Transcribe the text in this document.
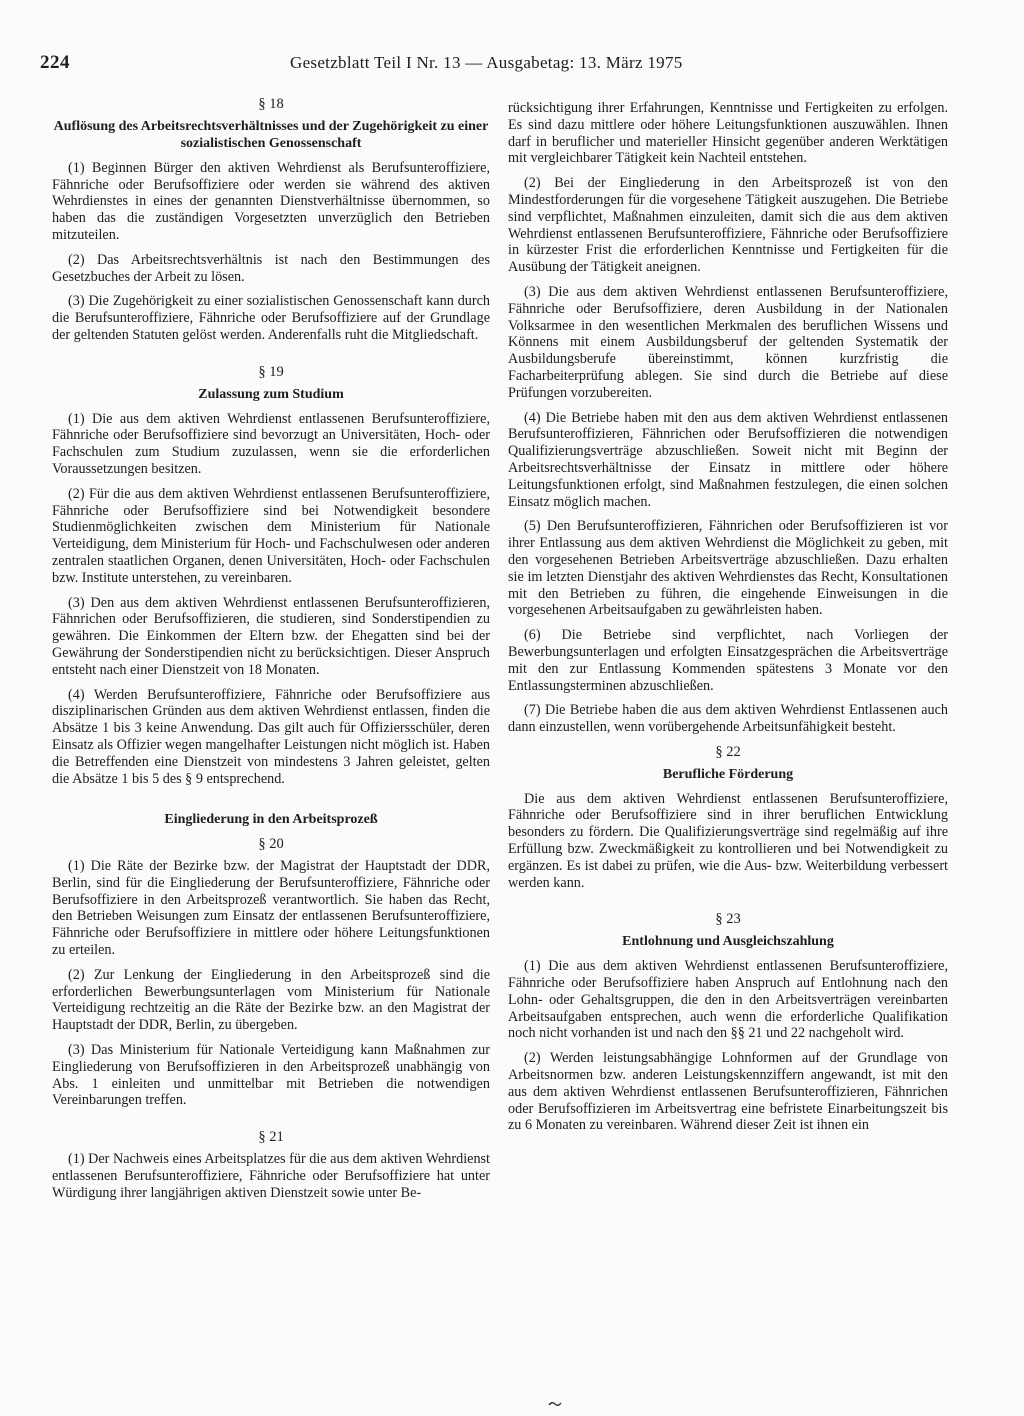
224	Gesetzblatt Teil I Nr. 13 — Ausgabetag: 13. März 1975
§ 18
Auflösung des Arbeitsrechtsverhältnisses und der Zugehörigkeit zu einer sozialistischen Genossenschaft

(1) Beginnen Bürger den aktiven Wehrdienst als Berufsunteroffiziere, Fähnriche oder Berufsoffiziere oder werden sie während des aktiven Wehrdienstes in eines der genannten Dienstverhältnisse übernommen, so haben das die zuständigen Vorgesetzten unverzüglich den Betrieben mitzuteilen.

(2) Das Arbeitsrechtsverhältnis ist nach den Bestimmungen des Gesetzbuches der Arbeit zu lösen.

(3) Die Zugehörigkeit zu einer sozialistischen Genossenschaft kann durch die Berufsunteroffiziere, Fähnriche oder Berufsoffiziere auf der Grundlage der geltenden Statuten gelöst werden. Anderenfalls ruht die Mitgliedschaft.

§ 19
Zulassung zum Studium

(1) Die aus dem aktiven Wehrdienst entlassenen Berufsunteroffiziere, Fähnriche oder Berufsoffiziere sind bevorzugt an Universitäten, Hoch- oder Fachschulen zum Studium zuzulassen, wenn sie die erforderlichen Voraussetzungen besitzen.

(2) Für die aus dem aktiven Wehrdienst entlassenen Berufsunteroffiziere, Fähnriche oder Berufsoffiziere sind bei Notwendigkeit besondere Studienmöglichkeiten zwischen dem Ministerium für Nationale Verteidigung, dem Ministerium für Hoch- und Fachschulwesen oder anderen zentralen staatlichen Organen, denen Universitäten, Hoch- oder Fachschulen bzw. Institute unterstehen, zu vereinbaren.

(3) Den aus dem aktiven Wehrdienst entlassenen Berufsunteroffizieren, Fähnrichen oder Berufsoffizieren, die studieren, sind Sonderstipendien zu gewähren. Die Einkommen der Eltern bzw. der Ehegatten sind bei der Gewährung der Sonderstipendien nicht zu berücksichtigen. Dieser Anspruch entsteht nach einer Dienstzeit von 18 Monaten.

(4) Werden Berufsunteroffiziere, Fähnriche oder Berufsoffiziere aus disziplinarischen Gründen aus dem aktiven Wehrdienst entlassen, finden die Absätze 1 bis 3 keine Anwendung. Das gilt auch für Offiziersschüler, deren Einsatz als Offizier wegen mangelhafter Leistungen nicht möglich ist. Haben die Betreffenden eine Dienstzeit von mindestens 3 Jahren geleistet, gelten die Absätze 1 bis 5 des § 9 entsprechend.

Eingliederung in den Arbeitsprozeß
§ 20

(1) Die Räte der Bezirke bzw. der Magistrat der Hauptstadt der DDR, Berlin, sind für die Eingliederung der Berufsunteroffiziere, Fähnriche oder Berufsoffiziere in den Arbeitsprozeß verantwortlich. Sie haben das Recht, den Betrieben Weisungen zum Einsatz der entlassenen Berufsunteroffiziere, Fähnriche oder Berufsoffiziere in mittlere oder höhere Leitungsfunktionen zu erteilen.

(2) Zur Lenkung der Eingliederung in den Arbeitsprozeß sind die erforderlichen Bewerbungsunterlagen vom Ministerium für Nationale Verteidigung rechtzeitig an die Räte der Bezirke bzw. an den Magistrat der Hauptstadt der DDR, Berlin, zu übergeben.

(3) Das Ministerium für Nationale Verteidigung kann Maßnahmen zur Eingliederung von Berufsoffizieren in den Arbeitsprozeß unabhängig von Abs. 1 einleiten und unmittelbar mit Betrieben die notwendigen Vereinbarungen treffen.

§ 21

(1) Der Nachweis eines Arbeitsplatzes für die aus dem aktiven Wehrdienst entlassenen Berufsunteroffiziere, Fähnriche oder Berufsoffiziere hat unter Würdigung ihrer langjährigen aktiven Dienstzeit sowie unter Be-

rücksichtigung ihrer Erfahrungen, Kenntnisse und Fertigkeiten zu erfolgen. Es sind dazu mittlere oder höhere Leitungsfunktionen auszuwählen. Ihnen darf in beruflicher und materieller Hinsicht gegenüber anderen Werktätigen mit vergleichbarer Tätigkeit kein Nachteil entstehen.

(2) Bei der Eingliederung in den Arbeitsprozeß ist von den Mindestforderungen für die vorgesehene Tätigkeit auszugehen. Die Betriebe sind verpflichtet, Maßnahmen einzuleiten, damit sich die aus dem aktiven Wehrdienst entlassenen Berufsunteroffiziere, Fähnriche oder Berufsoffiziere in kürzester Frist die erforderlichen Kenntnisse und Fertigkeiten für die Ausübung der Tätigkeit aneignen.

(3) Die aus dem aktiven Wehrdienst entlassenen Berufsunteroffiziere, Fähnriche oder Berufsoffiziere, deren Ausbildung in der Nationalen Volksarmee in den wesentlichen Merkmalen des beruflichen Wissens und Könnens mit einem Ausbildungsberuf der geltenden Systematik der Ausbildungsberufe übereinstimmt, können kurzfristig die Facharbeiterprüfung ablegen. Sie sind durch die Betriebe auf diese Prüfungen vorzubereiten.

(4) Die Betriebe haben mit den aus dem aktiven Wehrdienst entlassenen Berufsunteroffizieren, Fähnrichen oder Berufsoffizieren die notwendigen Qualifizierungsverträge abzuschließen. Soweit nicht mit Beginn der Arbeitsrechtsverhältnisse der Einsatz in mittlere oder höhere Leitungsfunktionen erfolgt, sind Maßnahmen festzulegen, die einen solchen Einsatz möglich machen.

(5) Den Berufsunteroffizieren, Fähnrichen oder Berufsoffizieren ist vor ihrer Entlassung aus dem aktiven Wehrdienst die Möglichkeit zu geben, mit den vorgesehenen Betrieben Arbeitsverträge abzuschließen. Dazu erhalten sie im letzten Dienstjahr des aktiven Wehrdienstes das Recht, Konsultationen mit den Betrieben zu führen, die eingehende Einweisungen in die vorgesehenen Arbeitsaufgaben zu gewährleisten haben.

(6) Die Betriebe sind verpflichtet, nach Vorliegen der Bewerbungsunterlagen und erfolgten Einsatzgesprächen die Arbeitsverträge mit den zur Entlassung Kommenden spätestens 3 Monate vor den Entlassungsterminen abzuschließen.

(7) Die Betriebe haben die aus dem aktiven Wehrdienst Entlassenen auch dann einzustellen, wenn vorübergehende Arbeitsunfähigkeit besteht.

§ 22
Berufliche Förderung

Die aus dem aktiven Wehrdienst entlassenen Berufsunteroffiziere, Fähnriche oder Berufsoffiziere sind in ihrer beruflichen Entwicklung besonders zu fördern. Die Qualifizierungsverträge sind regelmäßig auf ihre Erfüllung bzw. Zweckmäßigkeit zu kontrollieren und bei Notwendigkeit zu ergänzen. Es ist dabei zu prüfen, wie die Aus- bzw. Weiterbildung verbessert werden kann.

§ 23
Entlohnung und Ausgleichszahlung

(1) Die aus dem aktiven Wehrdienst entlassenen Berufsunteroffiziere, Fähnriche oder Berufsoffiziere haben Anspruch auf Entlohnung nach den Lohn- oder Gehaltsgruppen, die den in den Arbeitsverträgen vereinbarten Arbeitsaufgaben entsprechen, auch wenn die erforderliche Qualifikation noch nicht vorhanden ist und nach den §§ 21 und 22 nachgeholt wird.

(2) Werden leistungsabhängige Lohnformen auf der Grundlage von Arbeitsnormen bzw. anderen Leistungskennziffern angewandt, ist mit den aus dem aktiven Wehrdienst entlassenen Berufsunteroffizieren, Fähnrichen oder Berufsoffizieren im Arbeitsvertrag eine befristete Einarbeitungszeit bis zu 6 Monaten zu vereinbaren. Während dieser Zeit ist ihnen ein
